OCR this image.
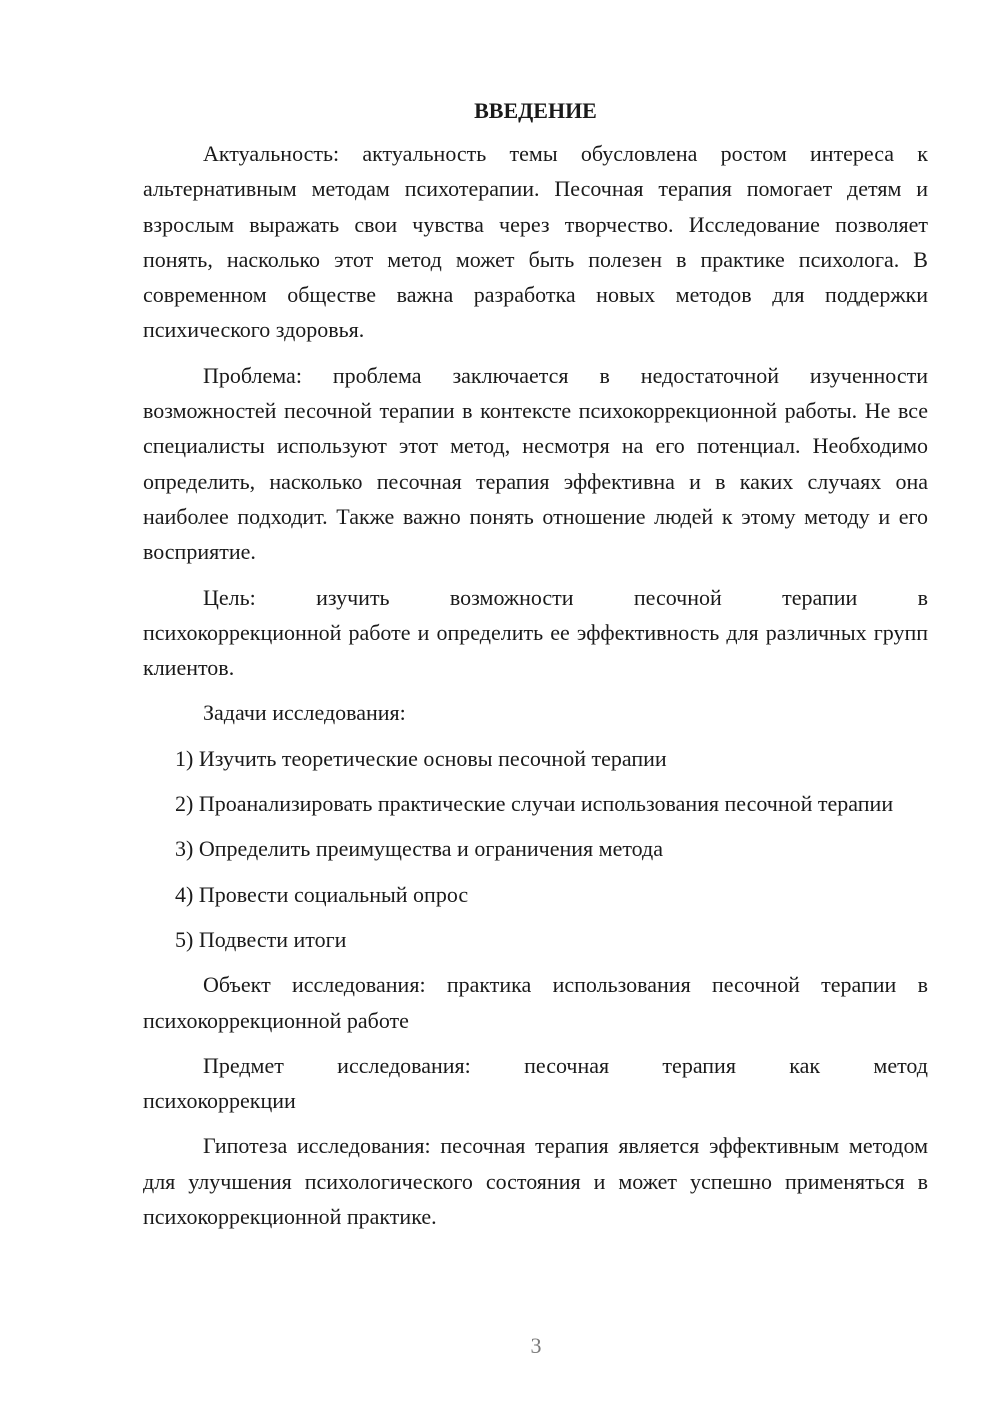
ВВЕДЕНИЕ

Актуальность: актуальность темы обусловлена ростом интереса к альтернативным методам психотерапии. Песочная терапия помогает детям и взрослым выражать свои чувства через творчество. Исследование позволяет понять, насколько этот метод может быть полезен в практике психолога. В современном обществе важна разработка новых методов для поддержки психического здоровья.

Проблема: проблема заключается в недостаточной изученности возможностей песочной терапии в контексте психокоррекционной работы. Не все специалисты используют этот метод, несмотря на его потенциал. Необходимо определить, насколько песочная терапия эффективна и в каких случаях она наиболее подходит. Также важно понять отношение людей к этому методу и его восприятие.

Цель: изучить возможности песочной терапии в

психокоррекционной работе и определить ее эффективность для различных групп клиентов.

Задачи исследования:

1) Изучить теоретические основы песочной терапии

2) Проанализировать практические случаи использования песочной терапии

3) Определить преимущества и ограничения метода

4) Провести социальный опрос

5) Подвести итоги

Объект исследования: практика использования песочной терапии в психокоррекционной работе

Предмет исследования: песочная терапия как метод

психокоррекции

Гипотеза исследования: песочная терапия является эффективным методом для улучшения психологического состояния и может успешно применяться в психокоррекционной практике.

3
